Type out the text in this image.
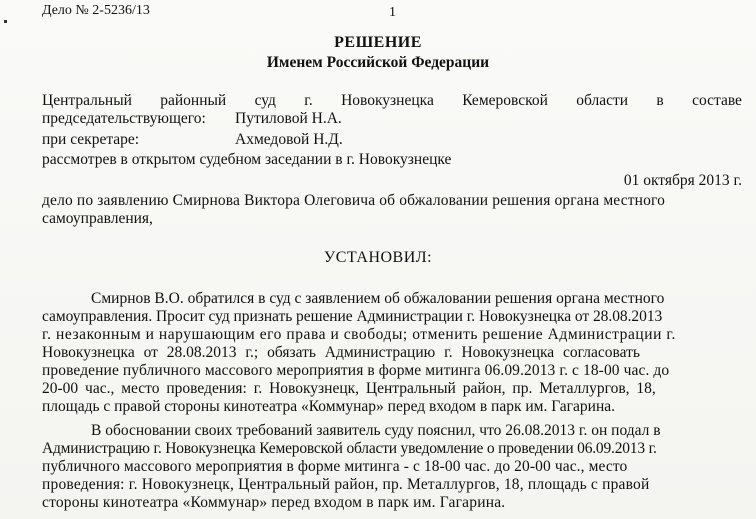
Дело № 2-5236/13	1
РЕШЕНИЕ
Именем Российской Федерации
Центральный районный суд г. Новокузнецка Кемеровской области в составе
председательствующего: Путиловой Н.А.
при секретаре:	Ахмедовой Н.Д.
рассмотрев в открытом судебном заседании в г. Новокузнецке
01 октября 2013 г.
дело по заявлению Смирнова Виктора Олеговича об обжаловании решения органа местного
самоуправления,
УСТАНОВИЛ:
Смирнов В.О. обратился в суд с заявлением об обжаловании решения органа местного
самоуправления. Просит суд признать решение Администрации г. Новокузнецка от 28.08.2013
г. незаконным и нарушающим его права и свободы; отменить решение Администрации г.
Новокузнецка от 28.08.2013 г.; обязать Администрацию г. Новокузнецка согласовать
проведение публичного массового мероприятия в форме митинга 06.09.2013 г. с 18-00 час. до
20-00 час., место проведения: г. Новокузнецк, Центральный район, пр. Металлургов, 18,
площадь с правой стороны кинотеатра «Коммунар» перед входом в парк им. Гагарина.
В обосновании своих требований заявитель суду пояснил, что 26.08.2013 г. он подал в
Администрацию г. Новокузнецка Кемеровской области уведомление о проведении 06.09.2013 г.
публичного массового мероприятия в форме митинга - с 18-00 час. до 20-00 час., место
проведения: г. Новокузнецк, Центральный район, пр. Металлургов, 18, площадь с правой
стороны кинотеатра «Коммунар» перед входом в парк им. Гагарина.
